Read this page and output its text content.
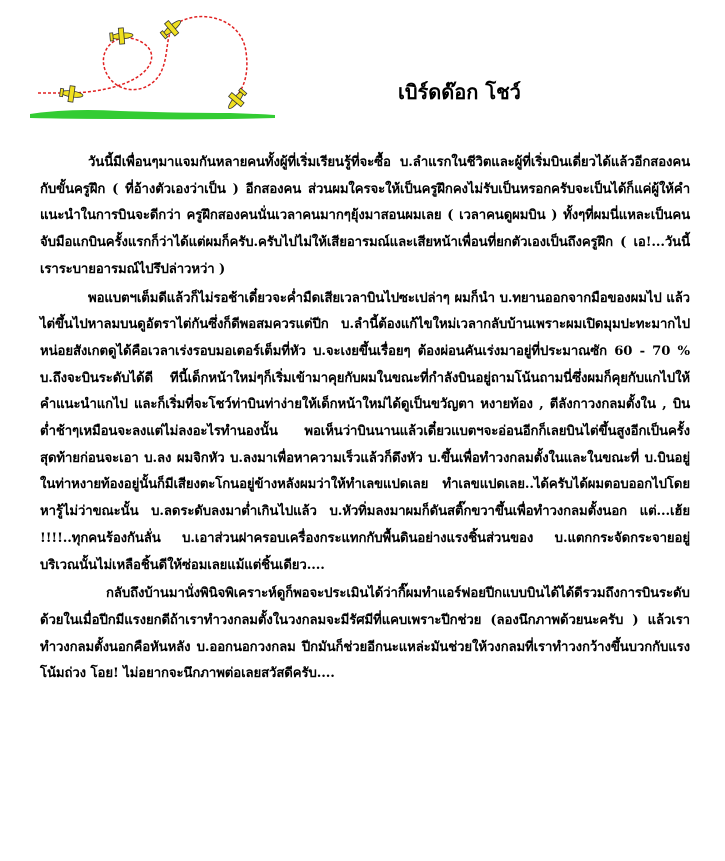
เบิร์ดด๊อก โชว์

วันนี้มีเพื่อนๆมาแจมกันหลายคนทั้งผู้ที่เริ่มเรียนรู้ที่จะซื้อ บ.ลำแรกในชีวิตและผู้ที่เริ่มบินเดี่ยวได้แล้วอีกสองคนกับขั้นครูฝึก ( ที่อ้างตัวเองว่าเป็น ) อีกสองคน ส่วนผมใครจะให้เป็นครูฝึกคงไม่รับเป็นหรอกครับจะเป็นได้ก็แค่ผู้ให้คำแนะนำในการบินจะดีกว่า ครูฝึกสองคนนั่นเวลาคนมากๆยุ้งมาสอนผมเลย ( เวลาคนดูผมบิน ) ทั้งๆที่ผมนี่แหละเป็นคนจับมือแกบินครั้งแรกก็ว่าได้แต่ผมก็ครับ.ครับไปไม่ให้เสียอารมณ์และเสียหน้าเพื่อนที่ยกตัวเองเป็นถึงครูฝึก ( เอ!...วันนี้เราระบายอารมณ์ไปรึปล่าวหว่า )

พอแบตฯเต็มดีแล้วก็ไม่รอช้าเดี๋ยวจะค่ำมืดเสียเวลาบินไปซะเปล่าๆ ผมก็นำ บ.ทยานออกจากมือของผมไป แล้วไต่ขึ้นไปหาลมบนดูอัตราไต่กันซึ่งก็ดีพอสมควรแต่ปีก บ.ลำนี้ต้องแก้ไขใหม่เวลากลับบ้านเพราะผมเปิดมุมปะทะมากไปหน่อยสังเกตดูได้คือเวลาเร่งรอบมอเตอร์เต็มที่หัว บ.จะเงยขึ้นเรื่อยๆ ต้องผ่อนคันเร่งมาอยู่ที่ประมาณซัก 60 - 70 % บ.ถึงจะบินระดับได้ดี ทีนี้เด็กหน้าใหม่ๆก็เริ่มเข้ามาคุยกับผมในขณะที่กำลังบินอยู่ถามโน้นถามนี่ซึ่งผมก็คุยกับแกไปให้คำแนะนำแกไป และก็เริ่มที่จะโชว์ท่าบินท่าง่ายให้เด็กหน้าใหม่ได้ดูเป็นขวัญตา หงายท้อง , ตีลังกาวงกลมตั้งใน , บินต่ำช้าๆเหมือนจะลงแต่ไม่ลงอะไรทำนองนั้น พอเห็นว่าบินนานแล้วเดี๋ยวแบตฯจะอ่อนอีกก็เลยบินไต่ขึ้นสูงอีกเป็นครั้งสุดท้ายก่อนจะเอา บ.ลง ผมจิกหัว บ.ลงมาเพื่อหาความเร็วแล้วก็ดึงหัว บ.ขึ้นเพื่อทำวงกลมตั้งในและในขณะที่ บ.บินอยู่ในท่าหงายท้องอยู่นั้นก็มีเสียงตะโกนอยู่ข้างหลังผมว่าให้ทำเลขแปดเลย ทำเลขแปดเลย..ได้ครับได้ผมตอบออกไปโดยหารู้ไม่ว่าขณะนั้น บ.ลดระดับลงมาต่ำเกินไปแล้ว บ.หัวทิ่มลงมาผมก็ดันสติ๊กขวาขึ้นเพื่อทำวงกลมตั้งนอก แต่...เฮ้ย !!!!..ทุกคนร้องกันลั่น บ.เอาส่วนฝาครอบเครื่องกระแทกกับพื้นดินอย่างแรงชิ้นส่วนของ บ.แตกกระจัดกระจายอยู่บริเวณนั้นไม่เหลือชิ้นดีให้ซ่อมเลยแม้แต่ชิ้นเดียว....

กลับถึงบ้านมานั่งพินิจพิเคราะห์ดูก็พอจะประเมินได้ว่ากิ๊ผมทำแอร์ฟอยปีกแบบบินได้ได้ดีรวมถึงการบินระดับด้วยในเมื่อปีกมีแรงยกดีถ้าเราทำวงกลมตั้งในวงกลมจะมีรัศมีที่แคบเพราะปีกช่วย (ลองนึกภาพด้วยนะครับ ) แล้วเราทำวงกลมตั้งนอกคือหันหลัง บ.ออกนอกวงกลม ปีกมันก็ช่วยอีกนะแหล่ะมันช่วยให้วงกลมที่เราทำวงกว้างขึ้นบวกกับแรงโน้มถ่วง โอย! ไม่อยากจะนึกภาพต่อเลยสวัสดีครับ....
